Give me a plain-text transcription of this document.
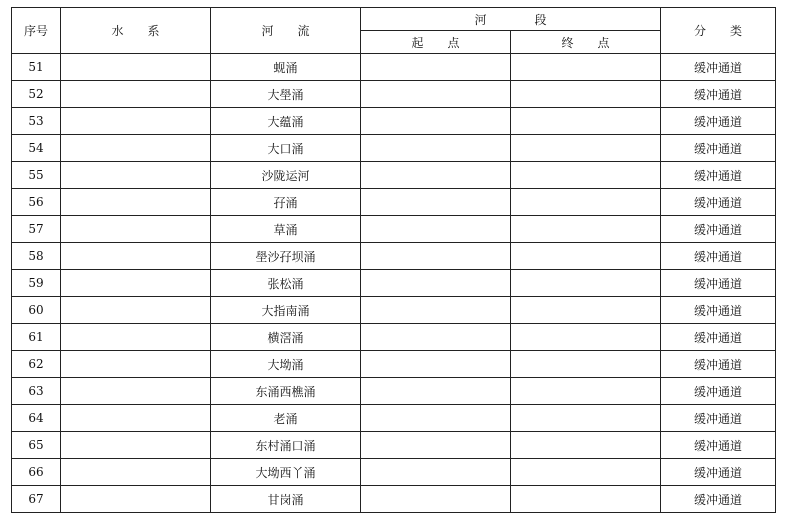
序号	水　　系	河　　流	河　　　　段		分　　类
			起　　点	终　　点	
51		蚬涌			缓冲通道
52		大壆涌			缓冲通道
53		大蕴涌			缓冲通道
54		大口涌			缓冲通道
55		沙陇运河			缓冲通道
56		孖涌			缓冲通道
57		草涌			缓冲通道
58		壆沙孖坝涌			缓冲通道
59		张松涌			缓冲通道
60		大指南涌			缓冲通道
61		横滘涌			缓冲通道
62		大坳涌			缓冲通道
63		东涌西樵涌			缓冲通道
64		老涌			缓冲通道
65		东村涌口涌			缓冲通道
66		大坳西丫涌			缓冲通道
67		甘岗涌			缓冲通道
